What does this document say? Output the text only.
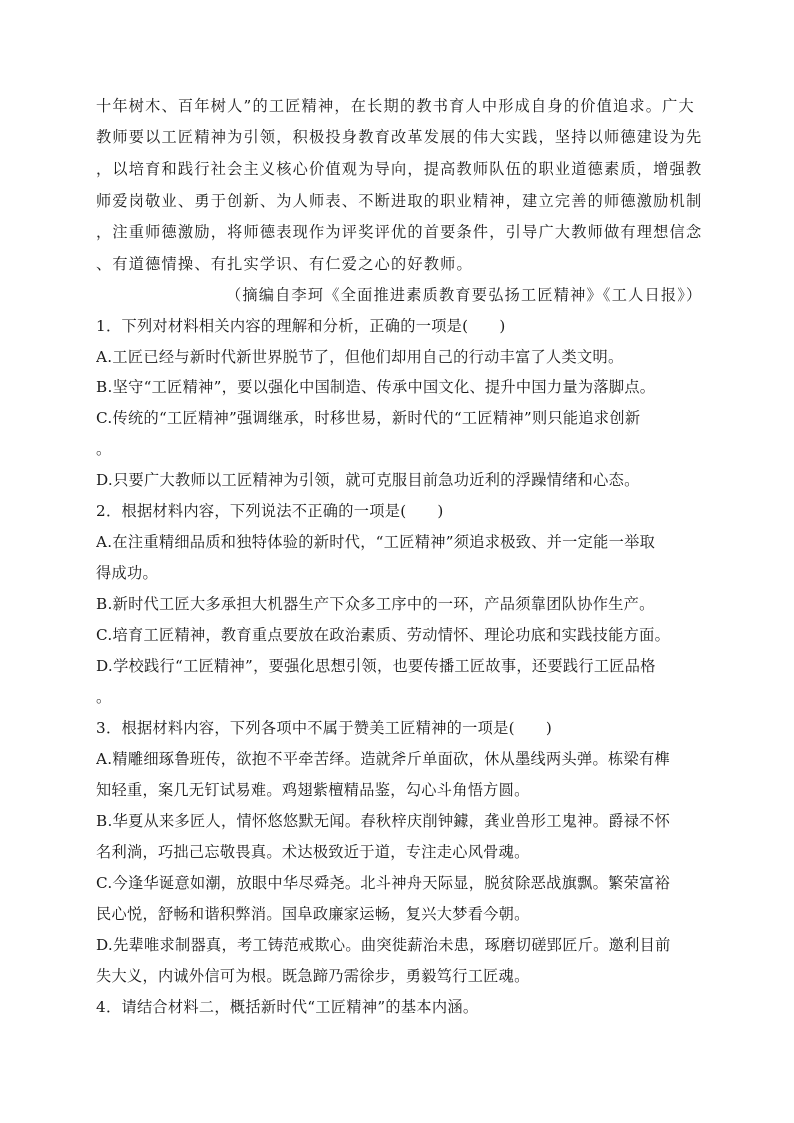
十年树木、百年树人”的工匠精神，在长期的教书育人中形成自身的价值追求。广大
教师要以工匠精神为引领，积极投身教育改革发展的伟大实践，坚持以师德建设为先
，以培育和践行社会主义核心价值观为导向，提高教师队伍的职业道德素质，增强教
师爱岗敬业、勇于创新、为人师表、不断进取的职业精神，建立完善的师德激励机制
，注重师德激励，将师德表现作为评奖评优的首要条件，引导广大教师做有理想信念
、有道德情操、有扎实学识、有仁爱之心的好教师。
（摘编自李珂《全面推进素质教育要弘扬工匠精神》《工人日报》）
1．下列对材料相关内容的理解和分析，正确的一项是(　　)
A.工匠已经与新时代新世界脱节了，但他们却用自己的行动丰富了人类文明。
B.坚守“工匠精神”，要以强化中国制造、传承中国文化、提升中国力量为落脚点。
C.传统的“工匠精神”强调继承，时移世易，新时代的“工匠精神”则只能追求创新
。
D.只要广大教师以工匠精神为引领，就可克服目前急功近利的浮躁情绪和心态。
2．根据材料内容，下列说法不正确的一项是(　　)
A.在注重精细品质和独特体验的新时代，“工匠精神”须追求极致、并一定能一举取
得成功。
B.新时代工匠大多承担大机器生产下众多工序中的一环，产品须靠团队协作生产。
C.培育工匠精神，教育重点要放在政治素质、劳动情怀、理论功底和实践技能方面。
D.学校践行“工匠精神”，要强化思想引领，也要传播工匠故事，还要践行工匠品格
。
3．根据材料内容，下列各项中不属于赞美工匠精神的一项是(　　)
A.精雕细琢鲁班传，欲抱不平牵苦绎。造就斧斤单面砍，休从墨线两头弹。栋梁有榫
知轻重，案几无钉试易难。鸡翅紫檀精品鉴，勾心斗角悟方圆。
B.华夏从来多匠人，情怀悠悠默无闻。春秋梓庆削钟鐻，龚业兽形工鬼神。爵禄不怀
名利淌，巧拙己忘敬畏真。术达极致近于道，专注走心风骨魂。
C.今逢华诞意如潮，放眼中华尽舜尧。北斗神舟天际显，脱贫除恶战旗飘。繁荣富裕
民心悦，舒畅和谐积弊消。国阜政廉家运畅，复兴大梦看今朝。
D.先辈唯求制器真，考工铸范戒欺心。曲突徙薪治未患，琢磨切磋郢匠斤。邀利目前
失大义，内诚外信可为根。既急蹄乃需徐步，勇毅笃行工匠魂。
4．请结合材料二，概括新时代“工匠精神”的基本内涵。
